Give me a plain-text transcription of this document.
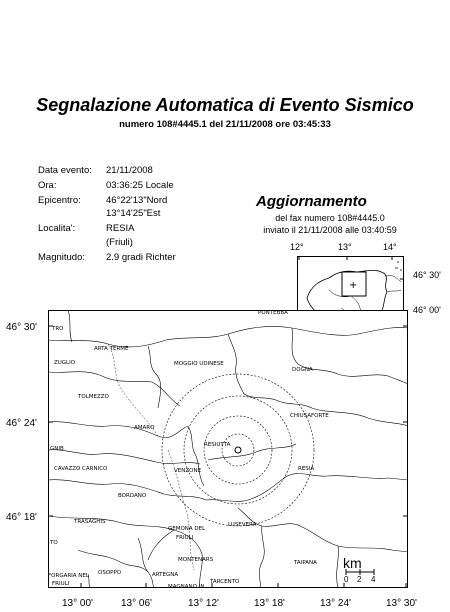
Segnalazione Automatica di Evento Sismico
numero 108#4445.1 del 21/11/2008 ore 03:45:33
Data evento: 21/11/2008
Ora:	03:36:25 Locale
Epicentro:	46°22'13"Nord
13°14'25"Est
Localita':	RESIA
(Friuli)
Magnitudo: 2.9 gradi Richter
Aggiornamento
del fax numero 108#4445.0
inviato il 21/11/2008 alle 03:40:59
12°	13°	14°
46° 30'
46° 00'
+
46° 30'
46° 24'
46° 18'
13° 00'	13° 06'	13° 12'	13° 18'	13° 24'	13° 30'
km
0 2 4
PONTEBBA
TRO
ARTA TERME
ZUGLIO	MOGGIO UDINESE
DOGNA
TOLMEZZO
CHIUSAFORTE
AMARO
RESIUTTA
GNIB
CAVAZZO CARNICO	VENZONE	RESIA
BORDANO
TRASAGHIS	LUSEVERA
GEMONA DEL
FRIULI
MONTENARS	TAIPANA
ARTEGNA
TARCENTO
MAGNANO IN
OSOPPO
FORGARIA NEL
FRIULI
TO
